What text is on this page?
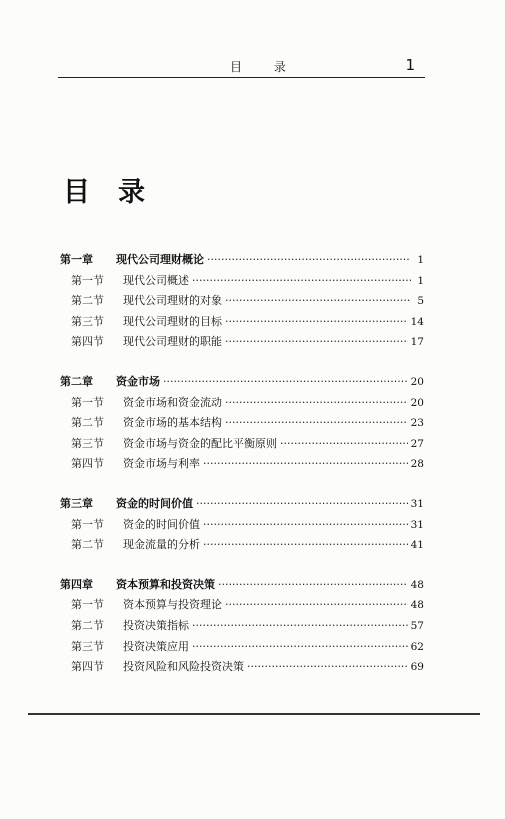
目 录	1
目录
第一章	现代公司理财概论 ·····	1
第一节	现代公司概述 ·····	1
第二节	现代公司理财的对象 ·····	5
第三节	现代公司理财的目标 ·····	14
第四节	现代公司理财的职能 ·····	17
第二章	资金市场 ·····	20
第一节	资金市场和资金流动 ·····	20
第二节	资金市场的基本结构 ·····	23
第三节	资金市场与资金的配比平衡原则 ·····	27
第四节	资金市场与利率 ·····	28
第三章	资金的时间价值 ·····	31
第一节	资金的时间价值 ·····	31
第二节	现金流量的分析 ·····	41
第四章	资本预算和投资决策 ·····	48
第一节	资本预算与投资理论 ·····	48
第二节	投资决策指标 ·····	57
第三节	投资决策应用 ·····	62
第四节	投资风险和风险投资决策 ·····	69
